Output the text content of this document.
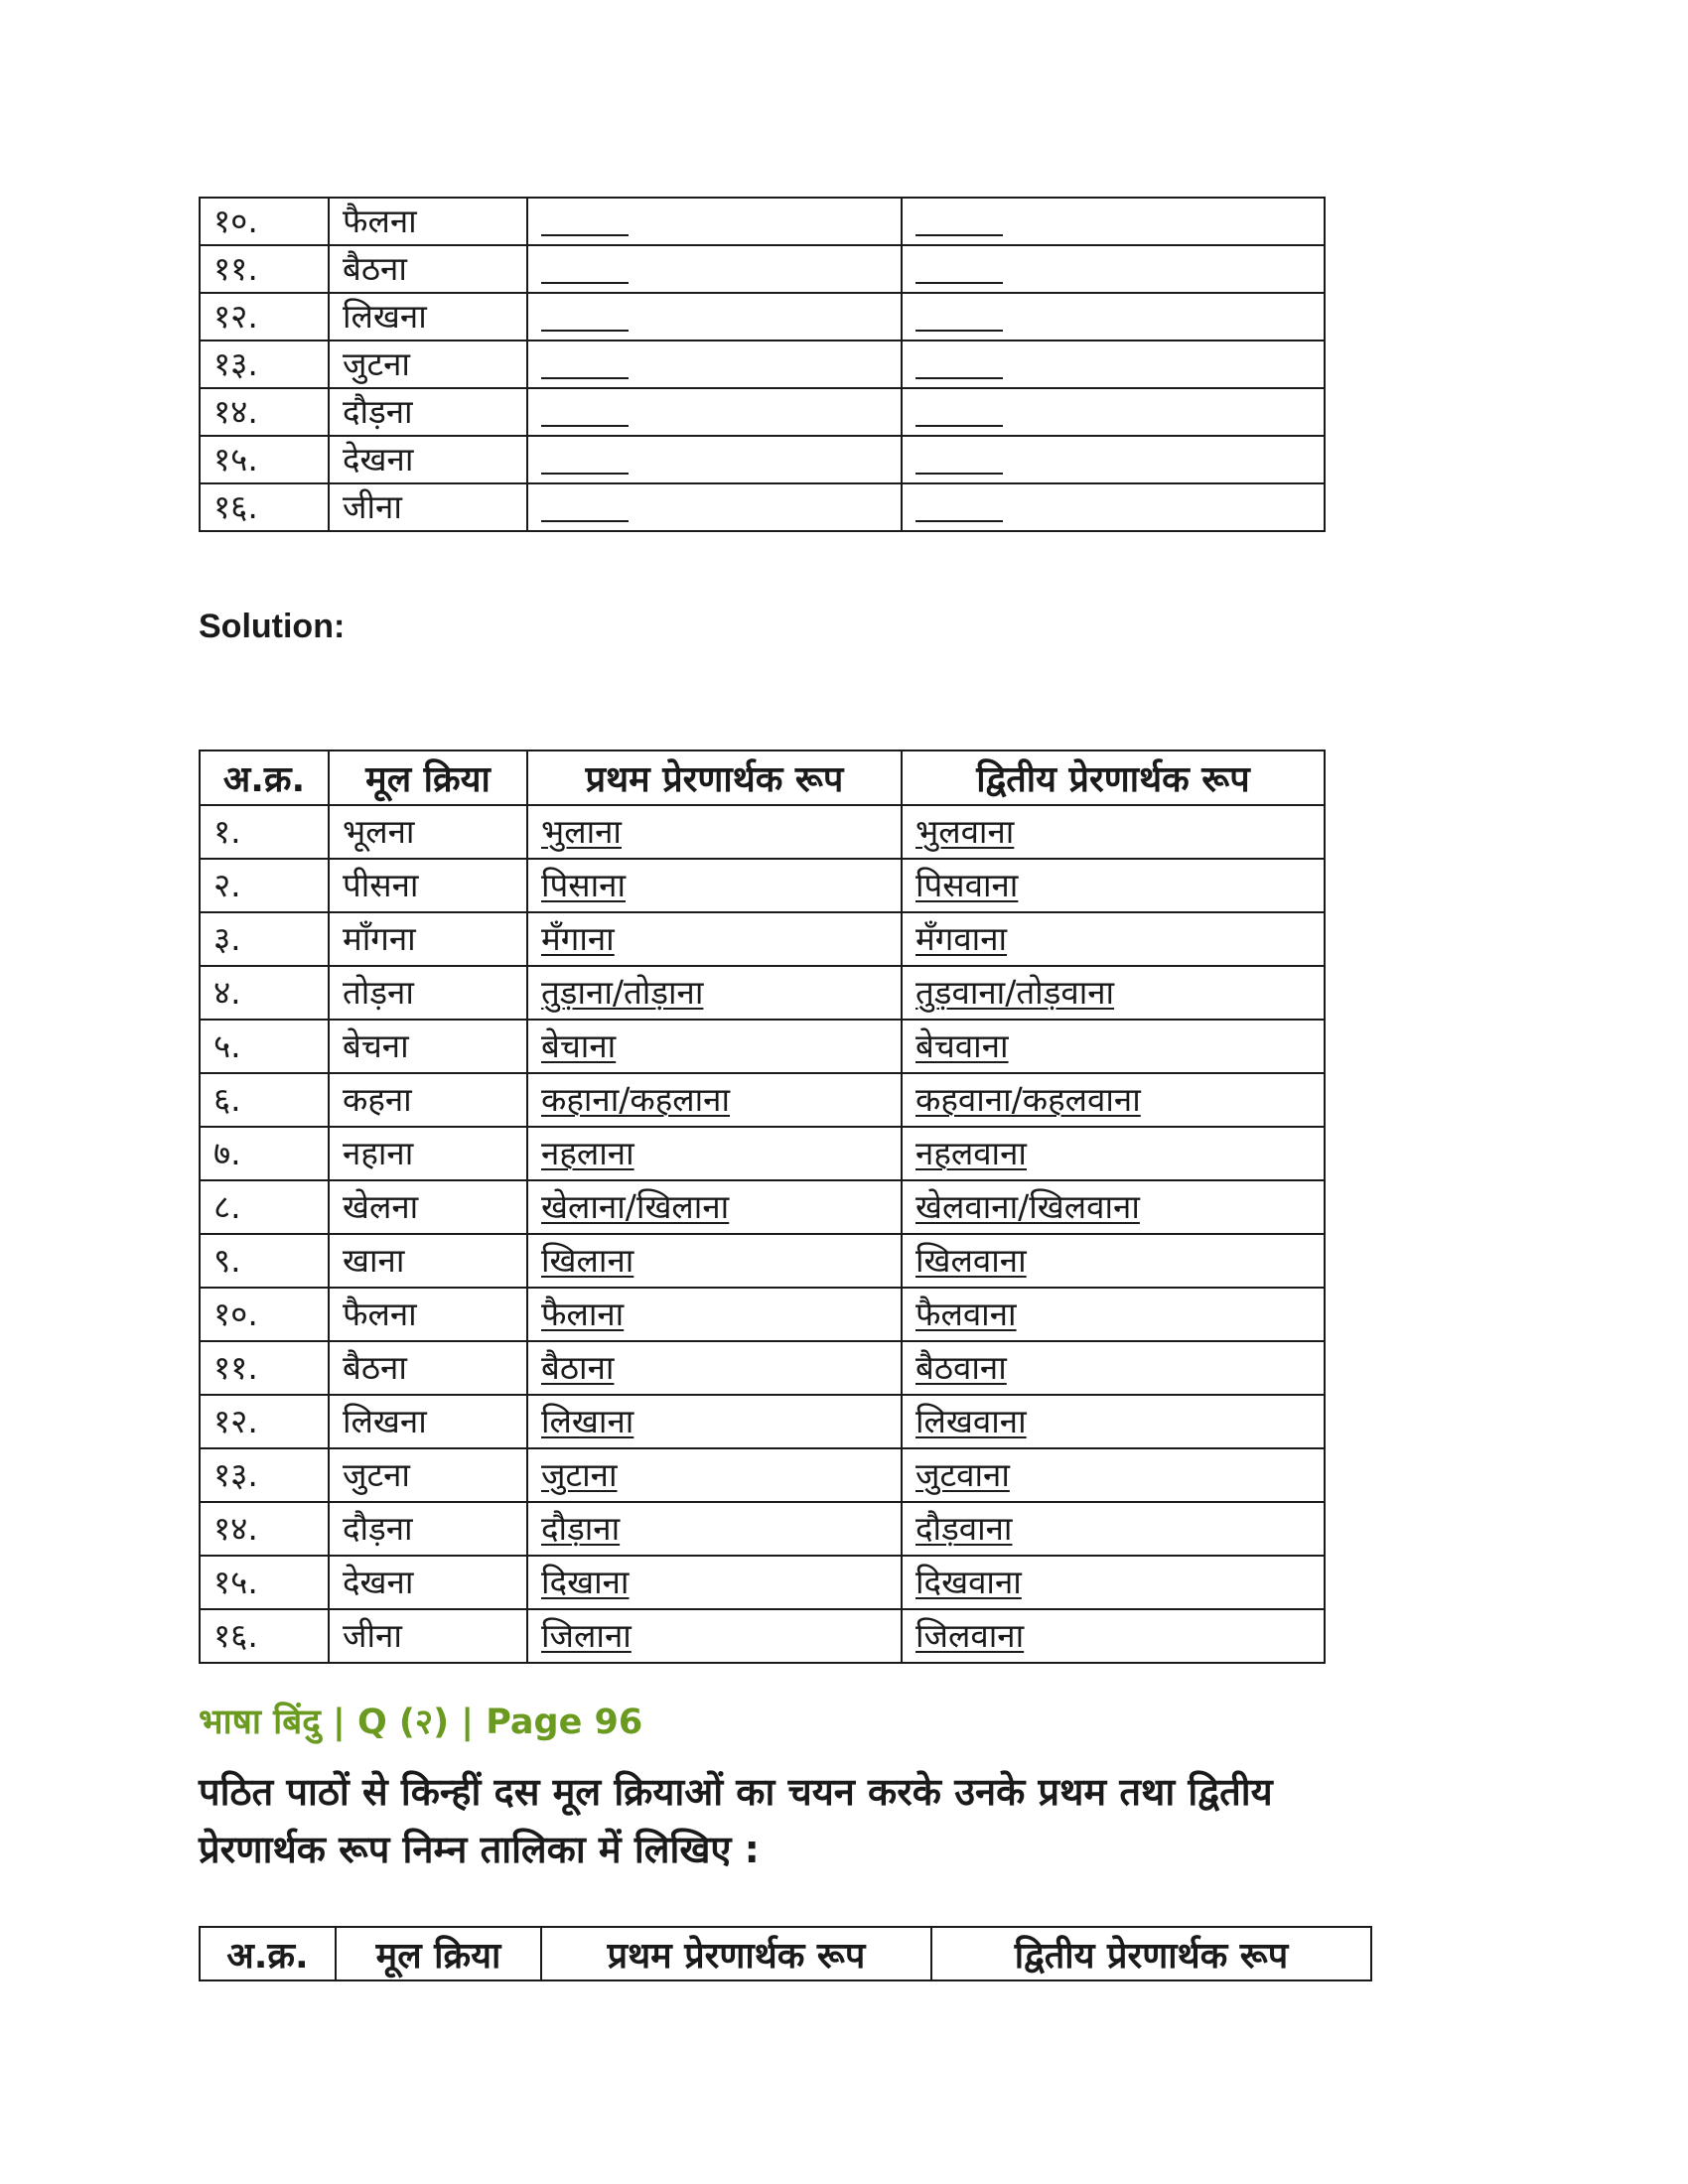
१०.	फैलना		
११.	बैठना		
१२.	लिखना		
१३.	जुटना		
१४.	दौड़ना		
१५.	देखना		
१६.	जीना		
Solution:
अ.क्र.	मूल क्रिया	प्रथम प्रेरणार्थक रूप	द्वितीय प्रेरणार्थक रूप
१.	भूलना	भुलाना	भुलवाना
२.	पीसना	पिसाना	पिसवाना
३.	माँगना	मँगाना	मँगवाना
४.	तोड़ना	तुड़ाना/तोड़ाना	तुड़वाना/तोड़वाना
५.	बेचना	बेचाना	बेचवाना
६.	कहना	कहाना/कहलाना	कहवाना/कहलवाना
७.	नहाना	नहलाना	नहलवाना
८.	खेलना	खेलाना/खिलाना	खेलवाना/खिलवाना
९.	खाना	खिलाना	खिलवाना
१०.	फैलना	फैलाना	फैलवाना
११.	बैठना	बैठाना	बैठवाना
१२.	लिखना	लिखाना	लिखवाना
१३.	जुटना	जुटाना	जुटवाना
१४.	दौड़ना	दौड़ाना	दौड़वाना
१५.	देखना	दिखाना	दिखवाना
१६.	जीना	जिलाना	जिलवाना
भाषा बिंदु | Q (२) | Page 96
पठित पाठों से किन्हीं दस मूल क्रियाओं का चयन करके उनके प्रथम तथा द्वितीय प्रेरणार्थक रूप निम्न तालिका में लिखिए :
अ.क्र.	मूल क्रिया	प्रथम प्रेरणार्थक रूप	द्वितीय प्रेरणार्थक रूप
